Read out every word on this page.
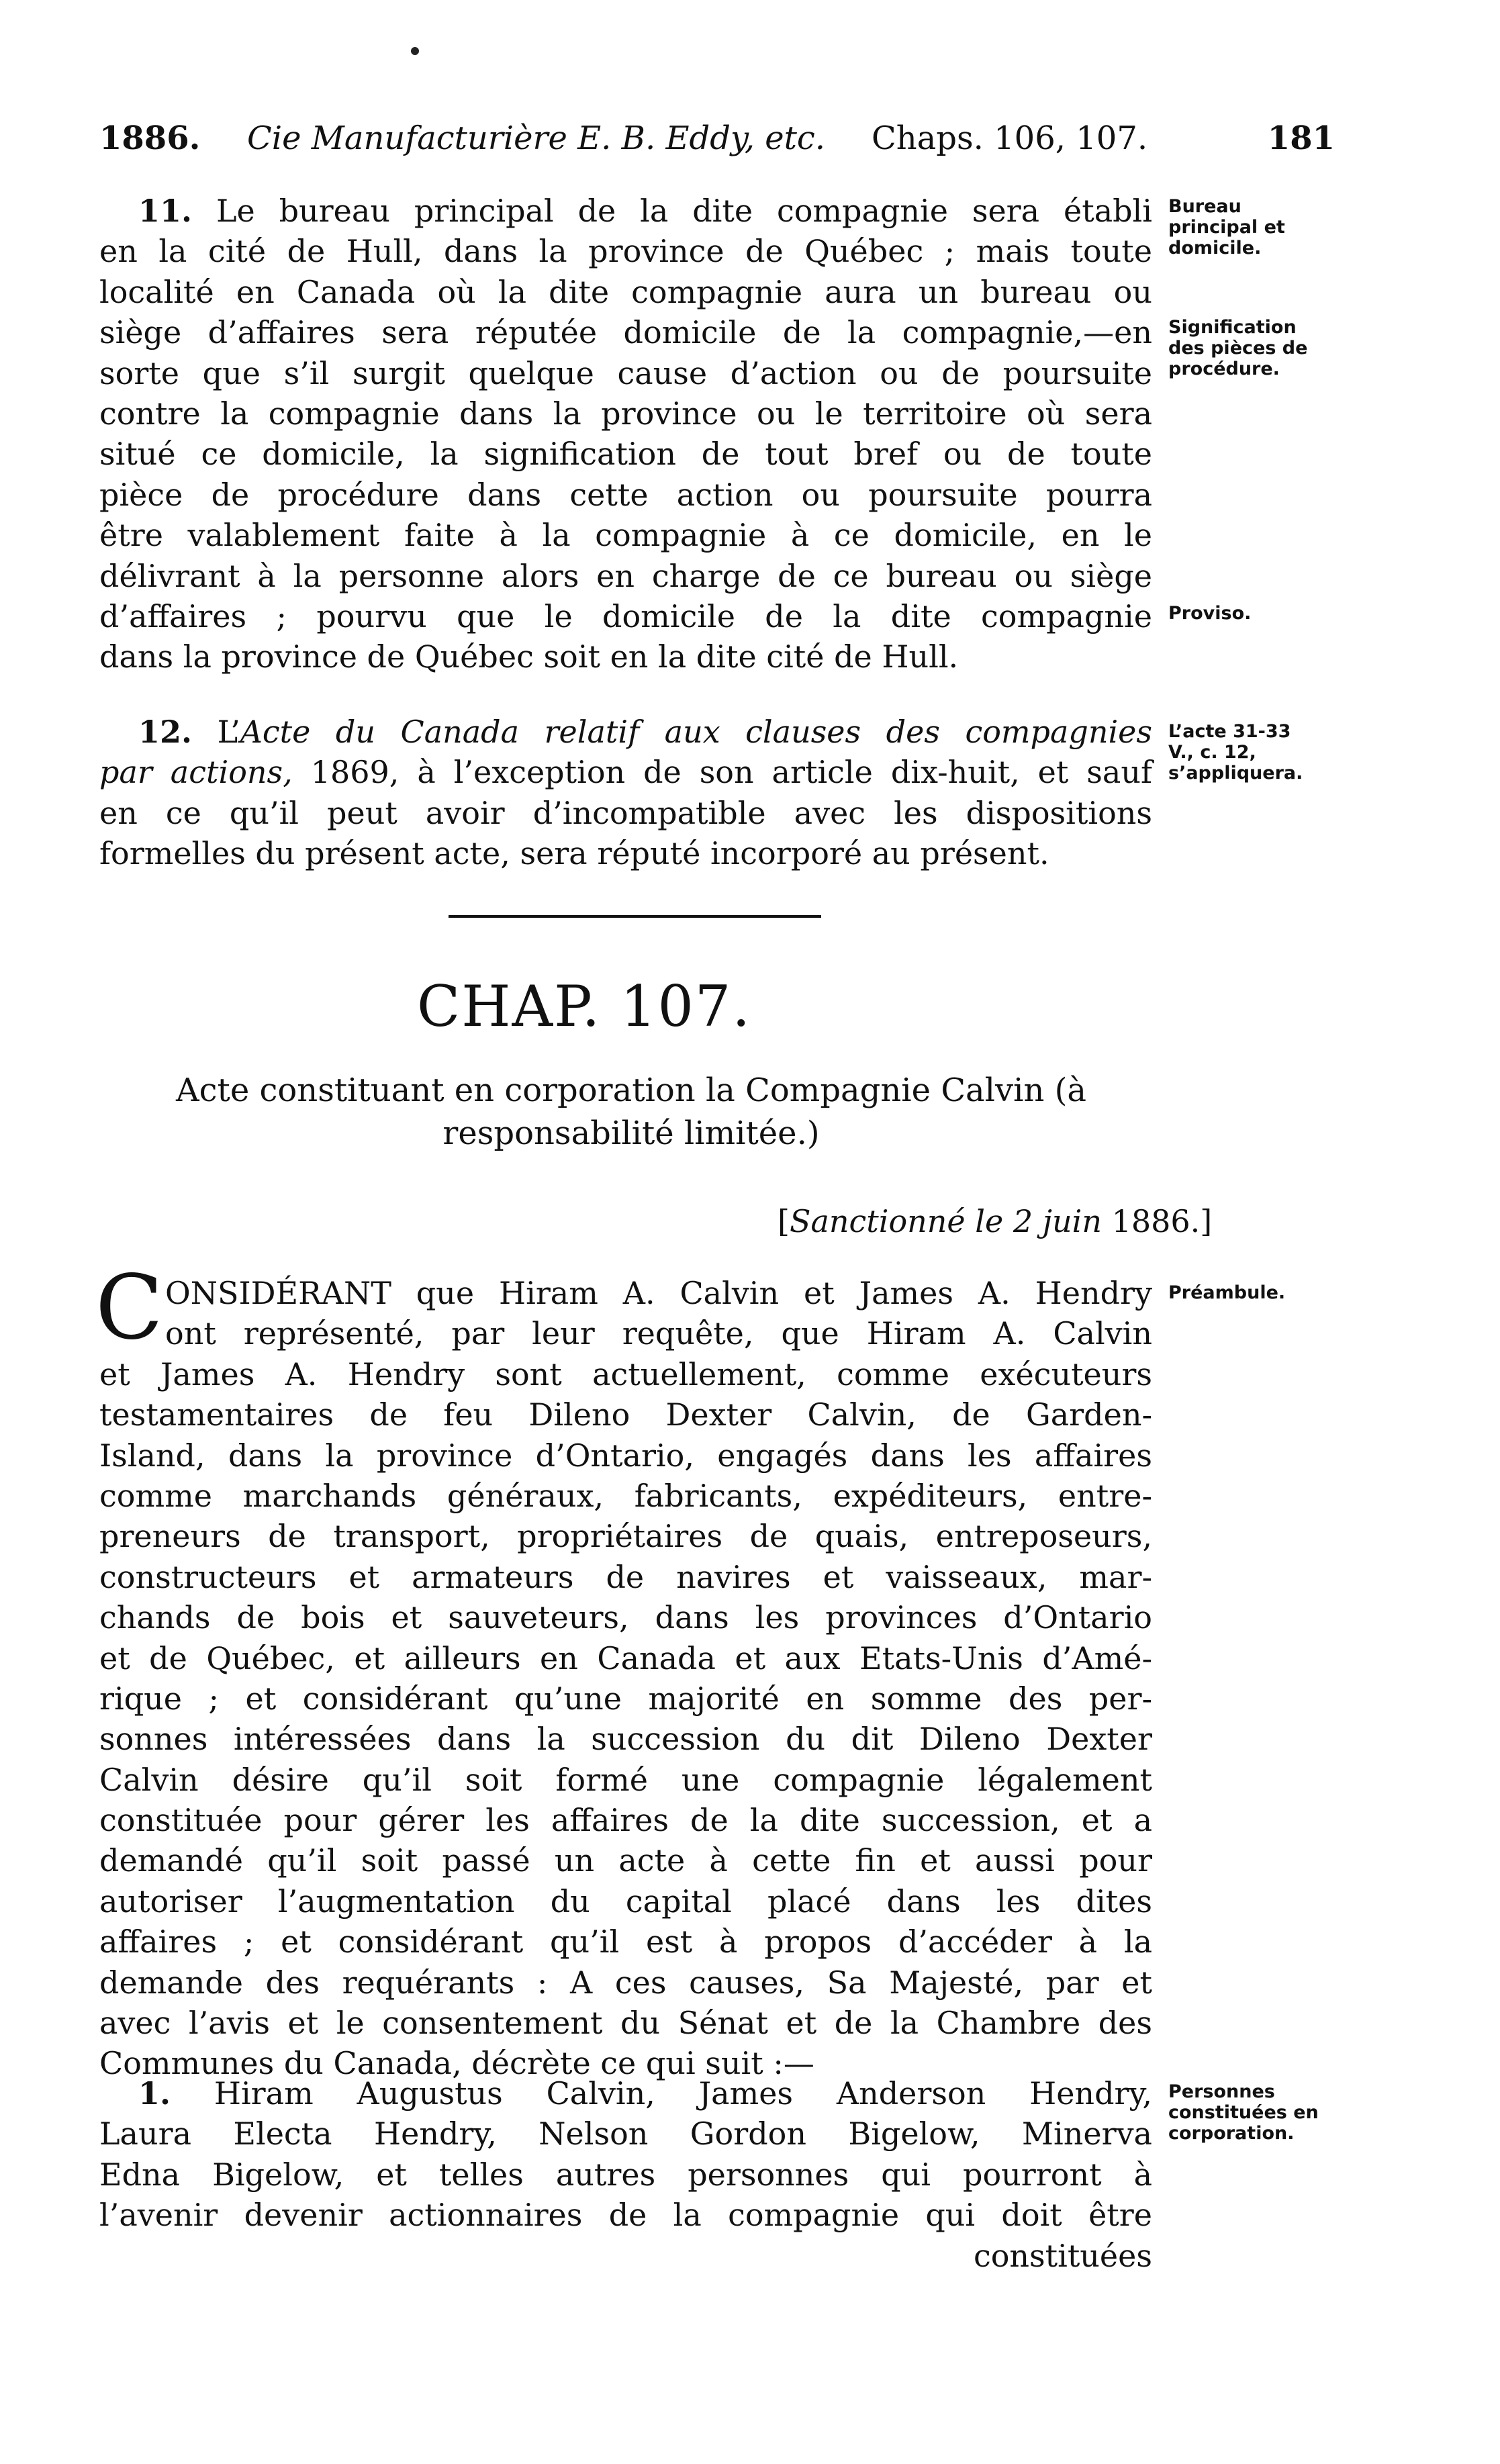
1886. Cie Manufacturière E. B. Eddy, etc. Chaps. 106, 107.	181
11. Le bureau principal de la dite compagnie sera établi
en la cité de Hull, dans la province de Québec ; mais toute
localité en Canada où la dite compagnie aura un bureau ou
siège d’affaires sera réputée domicile de la compagnie,—en
sorte que s’il surgit quelque cause d’action ou de poursuite
contre la compagnie dans la province ou le territoire où sera
situé ce domicile, la signification de tout bref ou de toute
pièce de procédure dans cette action ou poursuite pourra
être valablement faite à la compagnie à ce domicile, en le
délivrant à la personne alors en charge de ce bureau ou siège
d’affaires ; pourvu que le domicile de la dite compagnie
dans la province de Québec soit en la dite cité de Hull.
Bureau
principal et
domicile.
Signification
des pièces de
procédure.
Proviso.
12. L’Acte du Canada relatif aux clauses des compagnies
par actions, 1869, à l’exception de son article dix-huit, et sauf
en ce qu’il peut avoir d’incompatible avec les dispositions
formelles du présent acte, sera réputé incorporé au présent.
L’acte 31-33
V., c. 12,
s’appliquera.
CHAP. 107.
Acte constituant en corporation la Compagnie Calvin (à
responsabilité limitée.)
[Sanctionné le 2 juin 1886.]
C ONSIDÉRANT que Hiram A. Calvin et James A. Hendry
ont représenté, par leur requête, que Hiram A. Calvin
et James A. Hendry sont actuellement, comme exécuteurs
testamentaires de feu Dileno Dexter Calvin, de Garden-
Island, dans la province d’Ontario, engagés dans les affaires
comme marchands généraux, fabricants, expéditeurs, entre-
preneurs de transport, propriétaires de quais, entreposeurs,
constructeurs et armateurs de navires et vaisseaux, mar-
chands de bois et sauveteurs, dans les provinces d’Ontario
et de Québec, et ailleurs en Canada et aux Etats-Unis d’Amé-
rique ; et considérant qu’une majorité en somme des per-
sonnes intéressées dans la succession du dit Dileno Dexter
Calvin désire qu’il soit formé une compagnie légalement
constituée pour gérer les affaires de la dite succession, et a
demandé qu’il soit passé un acte à cette fin et aussi pour
autoriser l’augmentation du capital placé dans les dites
affaires ; et considérant qu’il est à propos d’accéder à la
demande des requérants : A ces causes, Sa Majesté, par et
avec l’avis et le consentement du Sénat et de la Chambre des
Communes du Canada, décrète ce qui suit :—
Préambule.
1. Hiram Augustus Calvin, James Anderson Hendry,
Laura Electa Hendry, Nelson Gordon Bigelow, Minerva
Edna Bigelow, et telles autres personnes qui pourront à
l’avenir devenir actionnaires de la compagnie qui doit être
constituées
Personnes
constituées en
corporation.
